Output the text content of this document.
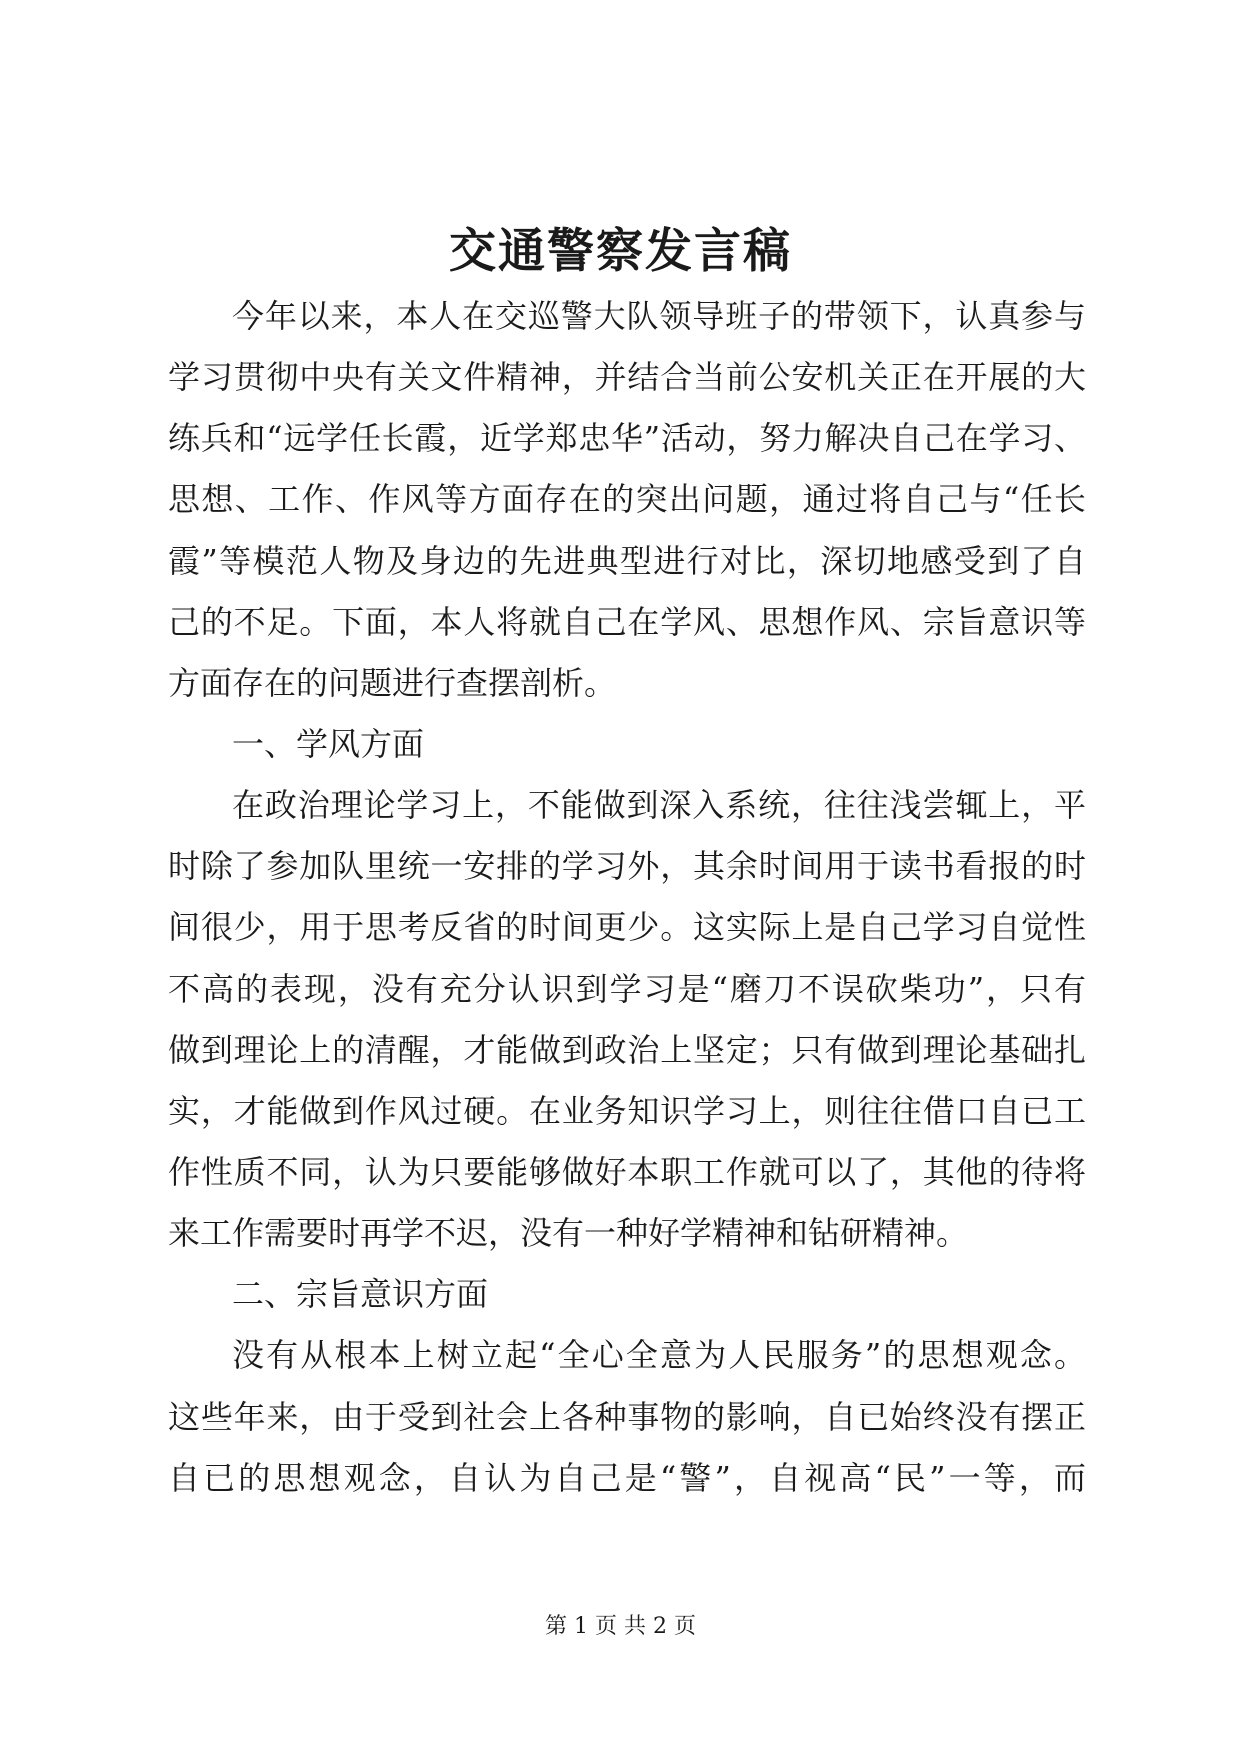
交通警察发言稿
今年以来，本人在交巡警大队领导班子的带领下，认真参与
学习贯彻中央有关文件精神，并结合当前公安机关正在开展的大
练兵和“远学任长霞，近学郑忠华”活动，努力解决自己在学习、
思想、工作、作风等方面存在的突出问题，通过将自己与“任长
霞”等模范人物及身边的先进典型进行对比，深切地感受到了自
己的不足。下面，本人将就自己在学风、思想作风、宗旨意识等
方面存在的问题进行查摆剖析。
一、学风方面
在政治理论学习上，不能做到深入系统，往往浅尝辄上，平
时除了参加队里统一安排的学习外，其余时间用于读书看报的时
间很少，用于思考反省的时间更少。这实际上是自己学习自觉性
不高的表现，没有充分认识到学习是“磨刀不误砍柴功”，只有
做到理论上的清醒，才能做到政治上坚定；只有做到理论基础扎
实，才能做到作风过硬。在业务知识学习上，则往往借口自已工
作性质不同，认为只要能够做好本职工作就可以了，其他的待将
来工作需要时再学不迟，没有一种好学精神和钻研精神。
二、宗旨意识方面
没有从根本上树立起“全心全意为人民服务”的思想观念。
这些年来，由于受到社会上各种事物的影响，自已始终没有摆正
自已的思想观念，自认为自己是“警”，自视高“民”一等，而
第 1 页 共 2 页
